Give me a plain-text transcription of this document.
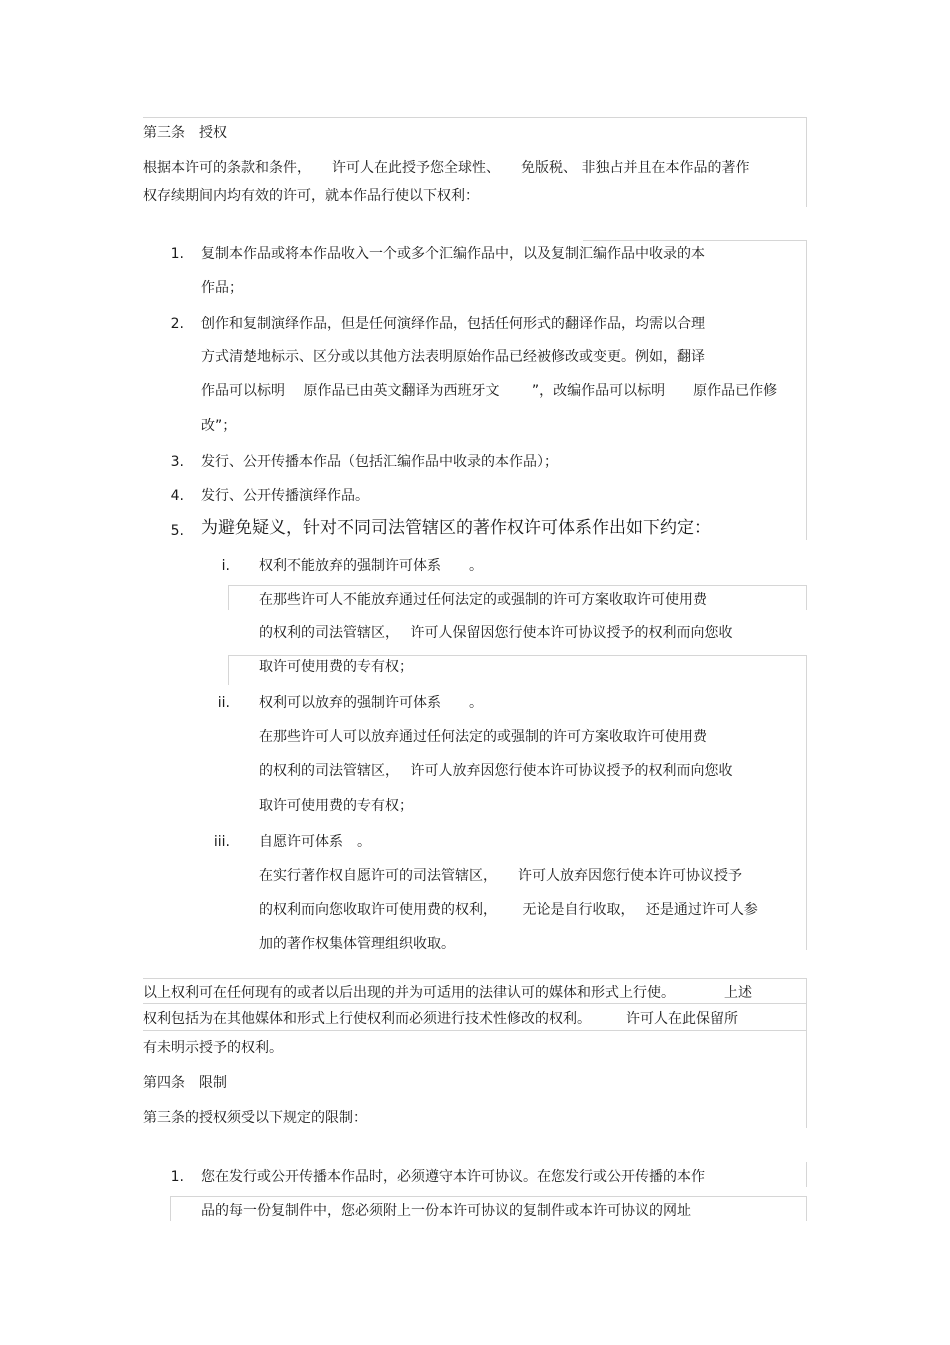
第三条　授权
根据本许可的条款和条件，　　许可人在此授予您全球性、　　免版税、 非独占并且在本作品的著作
权存续期间内均有效的许可，就本作品行使以下权利：
1. 复制本作品或将本作品收入一个或多个汇编作品中，以及复制汇编作品中收录的本
作品；
2. 创作和复制演绎作品，但是任何演绎作品，包括任何形式的翻译作品，均需以合理
方式清楚地标示、区分或以其他方法表明原始作品已经被修改或变更。例如，翻译
作品可以标明　 原作品已由英文翻译为西班牙文　　 ”，改编作品可以标明　　原作品已作修
改”；
3. 发行、公开传播本作品（包括汇编作品中收录的本作品）；
4. 发行、公开传播演绎作品。
5. 为避免疑义，针对不同司法管辖区的著作权许可体系作出如下约定：
i. 权利不能放弃的强制许可体系　　。
在那些许可人不能放弃通过任何法定的或强制的许可方案收取许可使用费
的权利的司法管辖区，　 许可人保留因您行使本许可协议授予的权利而向您收
取许可使用费的专有权；
ii. 权利可以放弃的强制许可体系　　。
在那些许可人可以放弃通过任何法定的或强制的许可方案收取许可使用费
的权利的司法管辖区，　 许可人放弃因您行使本许可协议授予的权利而向您收
取许可使用费的专有权；
iii. 自愿许可体系　。
在实行著作权自愿许可的司法管辖区，　　许可人放弃因您行使本许可协议授予
的权利而向您收取许可使用费的权利，　　 无论是自行收取，　 还是通过许可人参
加的著作权集体管理组织收取。
以上权利可在任何现有的或者以后出现的并为可适用的法律认可的媒体和形式上行使。　　　　上述
权利包括为在其他媒体和形式上行使权利而必须进行技术性修改的权利。　　　许可人在此保留所
有未明示授予的权利。
第四条　限制
第三条的授权须受以下规定的限制：
1. 您在发行或公开传播本作品时，必须遵守本许可协议。在您发行或公开传播的本作
品的每一份复制件中，您必须附上一份本许可协议的复制件或本许可协议的网址
